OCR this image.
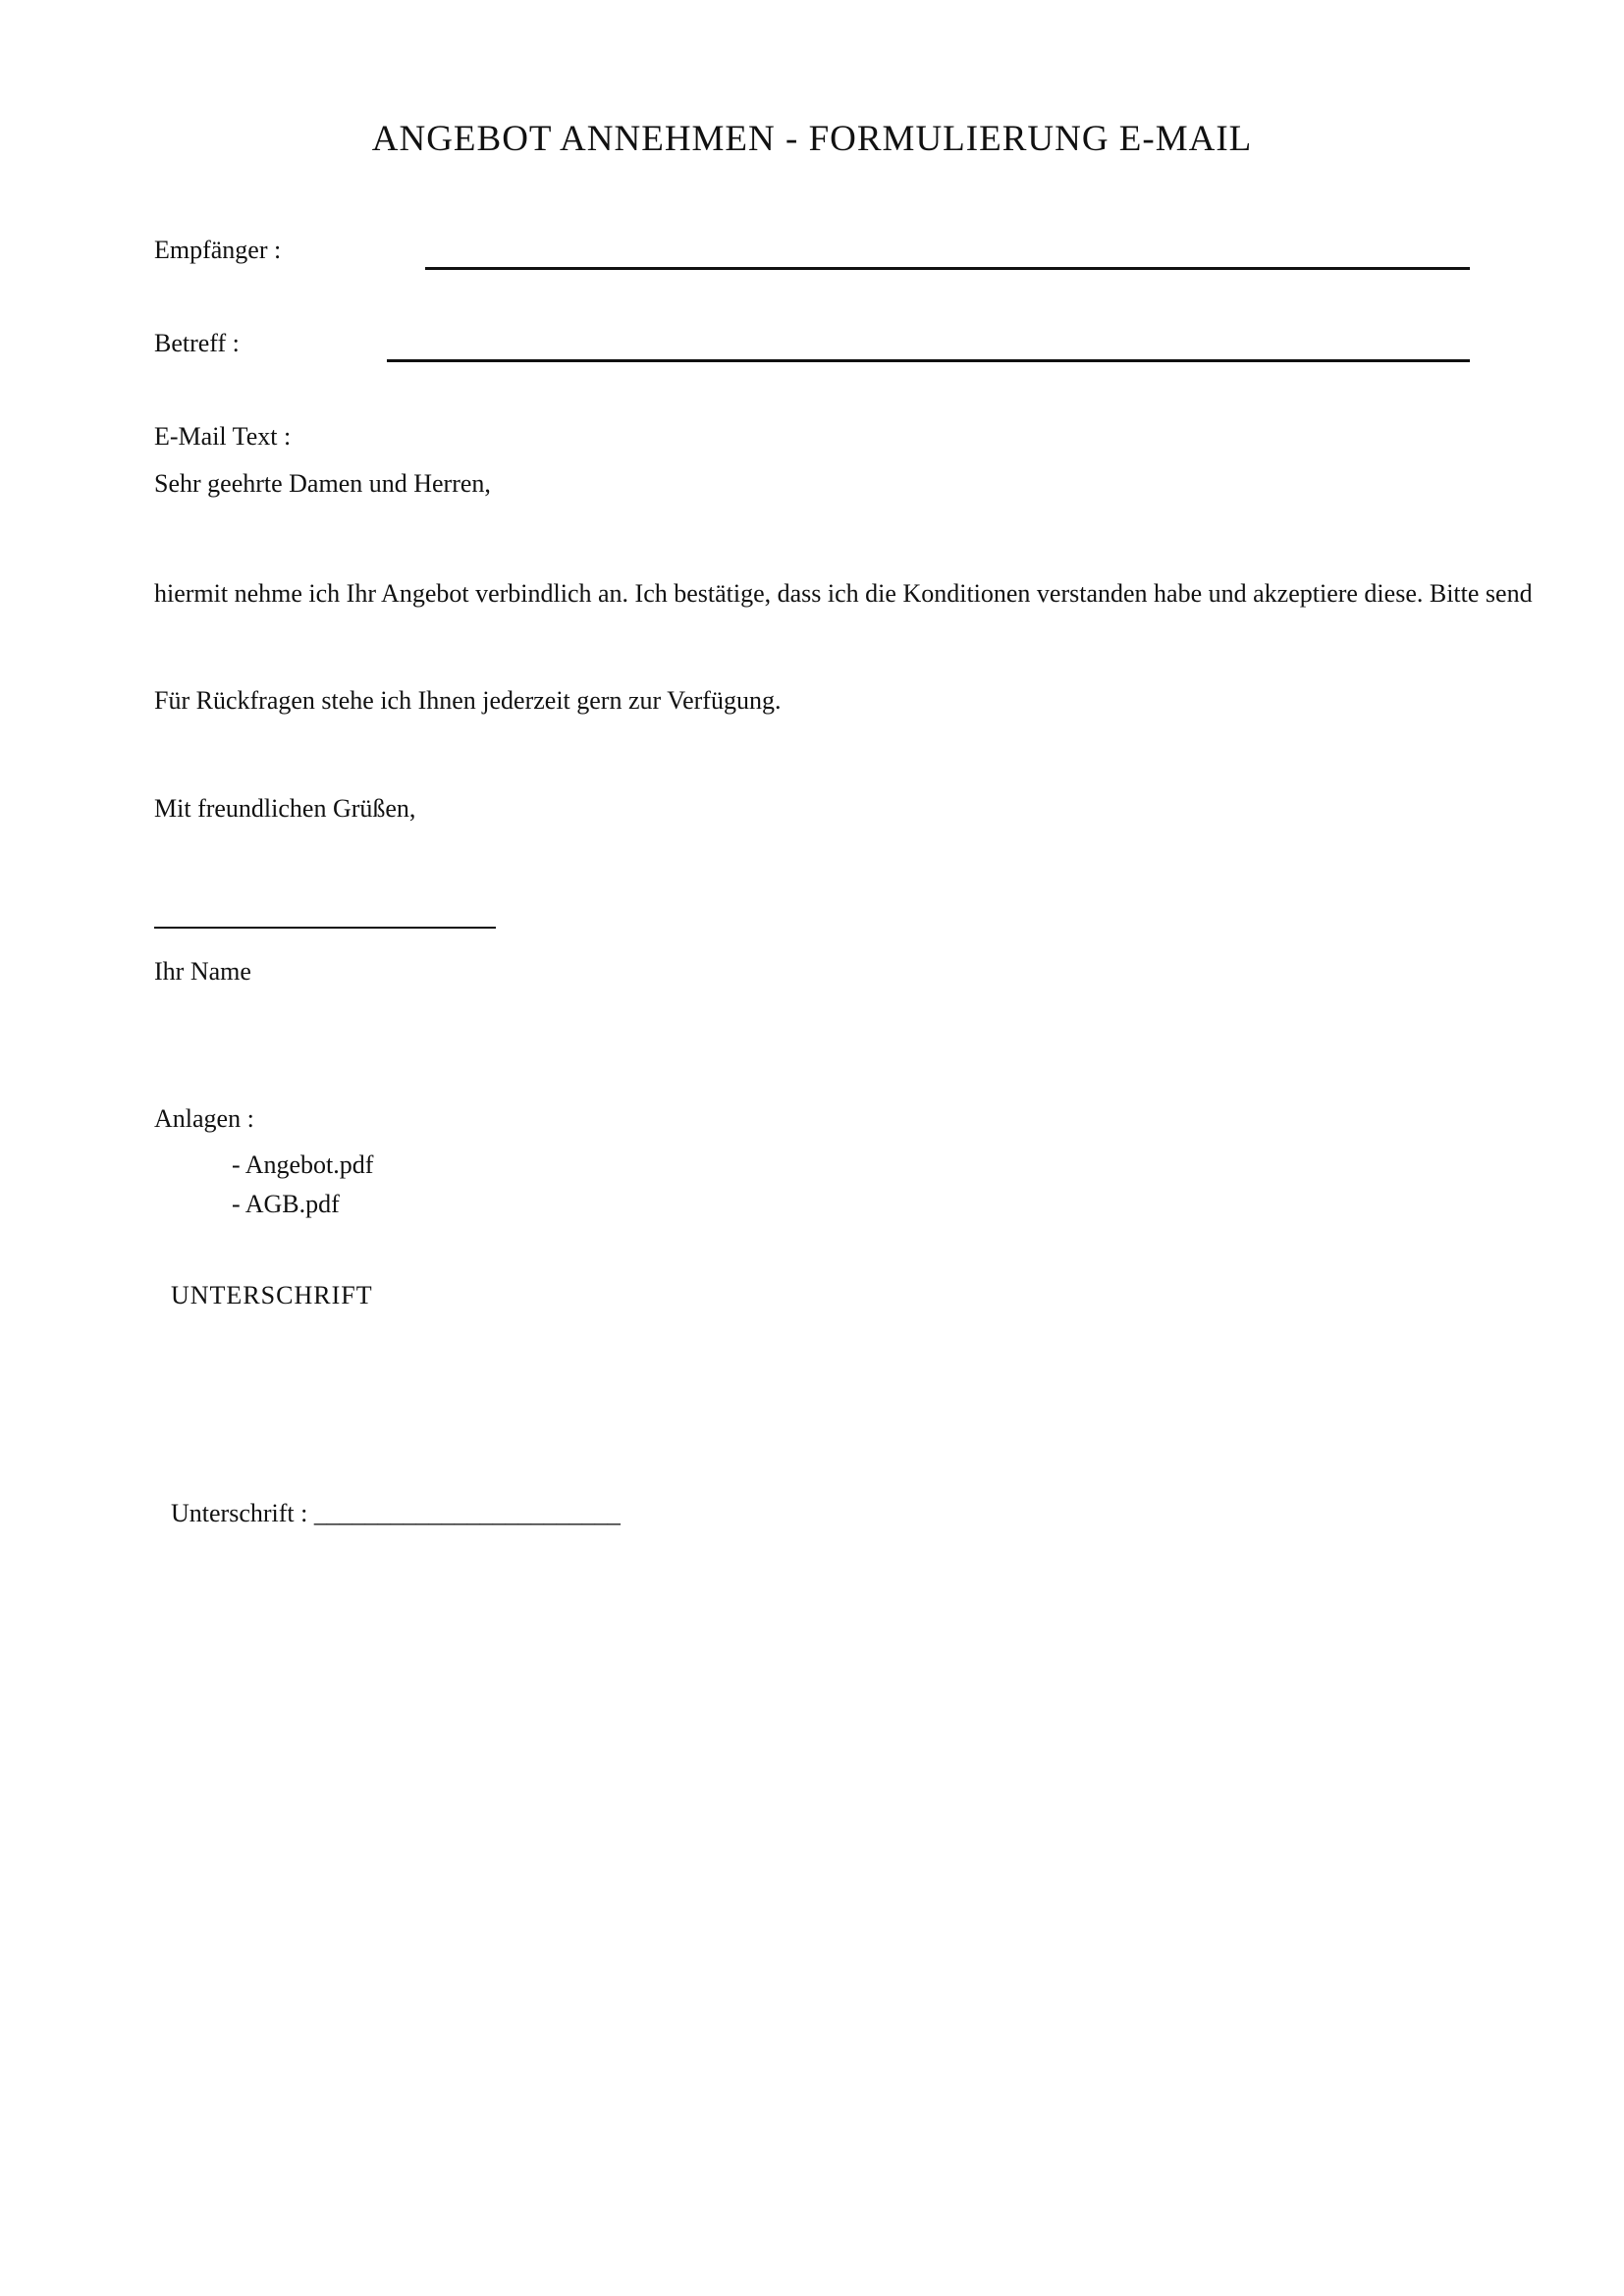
ANGEBOT ANNEHMEN - FORMULIERUNG E-MAIL
Empfänger :
Betreff :
E-Mail Text :
Sehr geehrte Damen und Herren,
hiermit nehme ich Ihr Angebot verbindlich an. Ich bestätige, dass ich die Konditionen verstanden habe und akzeptiere diese. Bitte send
Für Rückfragen stehe ich Ihnen jederzeit gern zur Verfügung.
Mit freundlichen Grüßen,
Ihr Name
Anlagen :
- Angebot.pdf
- AGB.pdf
UNTERSCHRIFT
Unterschrift : ________________________
